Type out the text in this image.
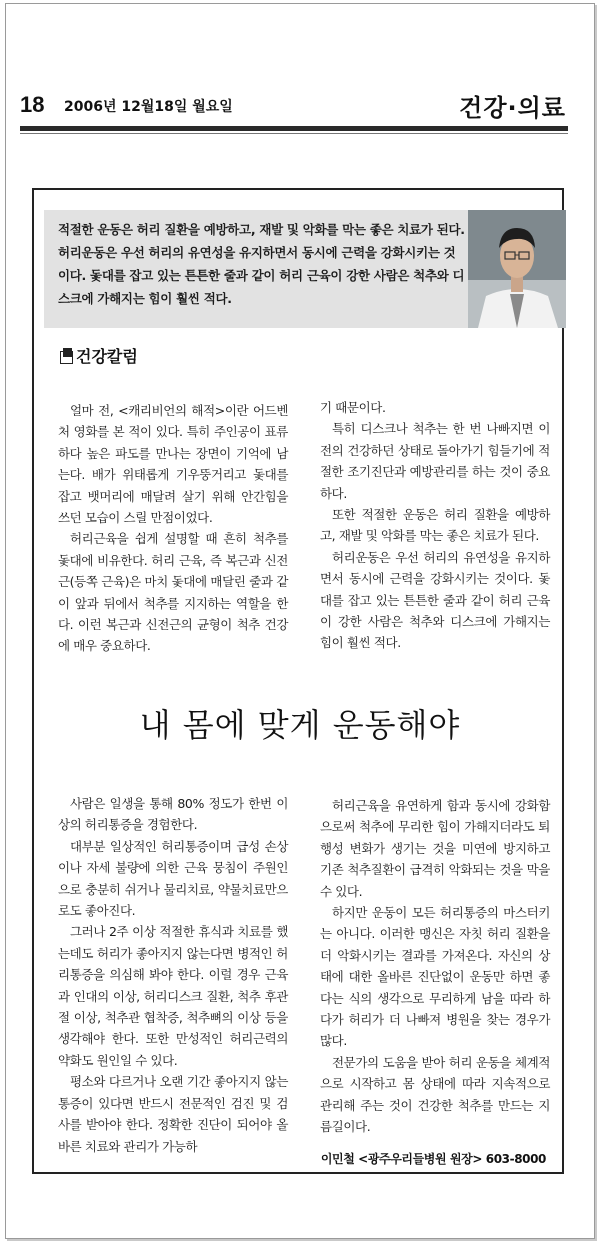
18 2006년 12월18일 월요일	건강·의료
적절한 운동은 허리 질환을 예방하고, 재발 및 악화를 막는 좋은 치료가 된다. 허리운동은 우선 허리의 유연성을 유지하면서 동시에 근력을 강화시키는 것이다. 돛대를 잡고 있는 튼튼한 줄과 같이 허리 근육이 강한 사람은 척추와 디스크에 가해지는 힘이 훨씬 적다.
건강칼럼

얼마 전, <캐리비언의 해적>이란 어드벤처 영화를 본 적이 있다. 특히 주인공이 표류하다 높은 파도를 만나는 장면이 기억에 남는다. 배가 위태롭게 기우뚱거리고 돛대를 잡고 뱃머리에 매달려 살기 위해 안간힘을 쓰던 모습이 스릴 만점이었다.

허리근육을 쉽게 설명할 때 흔히 척추를 돛대에 비유한다. 허리 근육, 즉 복근과 신전근(등쪽 근육)은 마치 돛대에 매달린 줄과 같이 앞과 뒤에서 척추를 지지하는 역할을 한다. 이런 복근과 신전근의 균형이 척추 건강에 매우 중요하다.

기 때문이다.

특히 디스크나 척추는 한 번 나빠지면 이전의 건강하던 상태로 돌아가기 힘들기에 적절한 조기진단과 예방관리를 하는 것이 중요하다.

또한 적절한 운동은 허리 질환을 예방하고, 재발 및 악화를 막는 좋은 치료가 된다.

허리운동은 우선 허리의 유연성을 유지하면서 동시에 근력을 강화시키는 것이다. 돛대를 잡고 있는 튼튼한 줄과 같이 허리 근육이 강한 사람은 척추와 디스크에 가해지는 힘이 훨씬 적다.

내 몸에 맞게 운동해야

사람은 일생을 통해 80% 정도가 한번 이상의 허리통증을 경험한다.

대부분 일상적인 허리통증이며 급성 손상이나 자세 불량에 의한 근육 뭉침이 주원인으로 충분히 쉬거나 물리치료, 약물치료만으로도 좋아진다.

그러나 2주 이상 적절한 휴식과 치료를 했는데도 허리가 좋아지지 않는다면 병적인 허리통증을 의심해 봐야 한다. 이럴 경우 근육과 인대의 이상, 허리디스크 질환, 척추 후관절 이상, 척추관 협착증, 척추뼈의 이상 등을 생각해야 한다. 또한 만성적인 허리근력의 약화도 원인일 수 있다.

평소와 다르거나 오랜 기간 좋아지지 않는 통증이 있다면 반드시 전문적인 검진 및 검사를 받아야 한다. 정확한 진단이 되어야 올바른 치료와 관리가 가능하

허리근육을 유연하게 함과 동시에 강화함으로써 척추에 무리한 힘이 가해지더라도 퇴행성 변화가 생기는 것을 미연에 방지하고 기존 척추질환이 급격히 악화되는 것을 막을 수 있다.

하지만 운동이 모든 허리통증의 마스터키는 아니다. 이러한 맹신은 자칫 허리 질환을 더 악화시키는 결과를 가져온다. 자신의 상태에 대한 올바른 진단없이 운동만 하면 좋다는 식의 생각으로 무리하게 남을 따라 하다가 허리가 더 나빠져 병원을 찾는 경우가 많다.

전문가의 도움을 받아 허리 운동을 체계적으로 시작하고 몸 상태에 따라 지속적으로 관리해 주는 것이 건강한 척추를 만드는 지름길이다.

이민철 <광주우리들병원 원장> 603-8000
